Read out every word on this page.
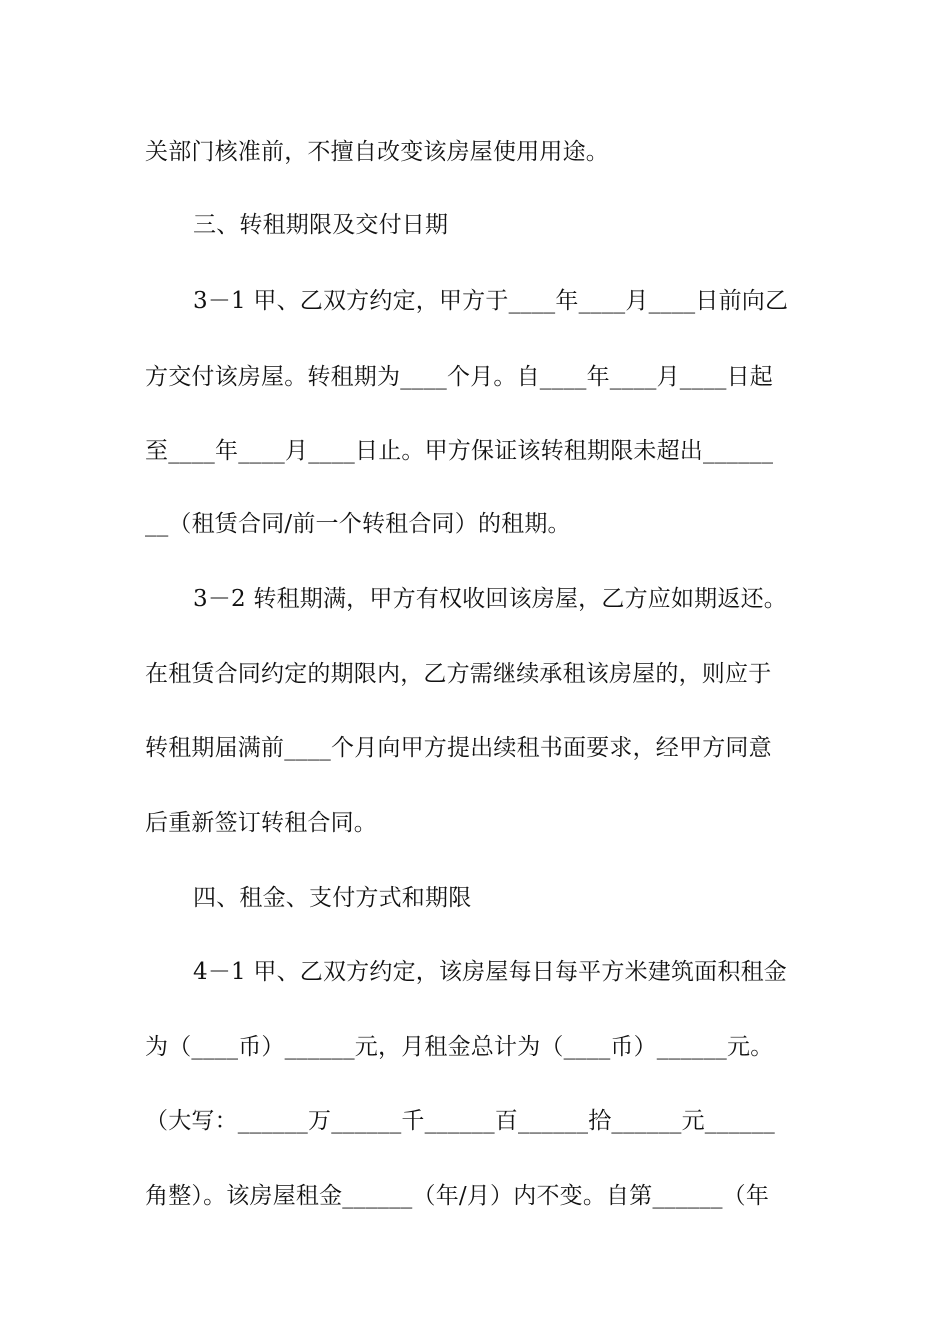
关部门核准前，不擅自改变该房屋使用用途。
三、转租期限及交付日期
3－1 甲、乙双方约定，甲方于____年____月____日前向乙
方交付该房屋。转租期为____个月。自____年____月____日起
至____年____月____日止。甲方保证该转租期限未超出______
__（租赁合同/前一个转租合同）的租期。
3－2 转租期满，甲方有权收回该房屋，乙方应如期返还。
在租赁合同约定的期限内，乙方需继续承租该房屋的，则应于
转租期届满前____个月向甲方提出续租书面要求，经甲方同意
后重新签订转租合同。
四、租金、支付方式和期限
4－1 甲、乙双方约定，该房屋每日每平方米建筑面积租金
为（____币）______元，月租金总计为（____币）______元。
（大写：______万______千______百______拾______元______
角整）。该房屋租金______（年/月）内不变。自第______（年
